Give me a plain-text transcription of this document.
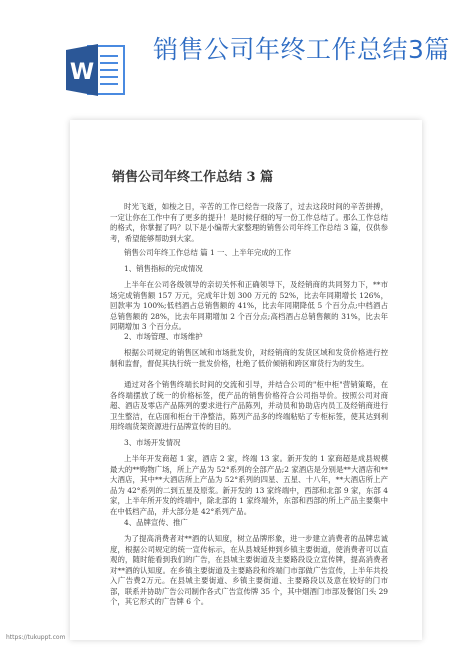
W
销售公司年终工作总结3篇
销售公司年终工作总结 3 篇

时光飞逝，如梭之日，辛苦的工作已经告一段落了，过去这段时间的辛苦拼搏，一定让你在工作中有了更多的提升！是时候仔细的写一份工作总结了。那么工作总结的格式，你掌握了吗？以下是小编帮大家整理的销售公司年终工作总结 3 篇，仅供参考，希望能够帮助到大家。

销售公司年终工作总结 篇 1 一、上半年完成的工作
1、销售指标的完成情况

上半年在公司各级领导的亲切关怀和正确领导下，及经销商的共同努力下，**市场完成销售额 157 万元，完成年计划 300 万元的 52%，比去年同期增长 126%，回款率为 100%;低档酒占总销售额的 41%，比去年同期降低 5 个百分点;中档酒占总销售额的 28%，比去年同期增加 2 个百分点;高档酒占总销售额的 31%，比去年同期增加 3 个百分点。

2、市场管理、市场维护

根据公司规定的销售区域和市场批发价，对经销商的发货区域和发货价格进行控制和监督，督促其执行统一批发价格，杜绝了低价倾销和跨区窜货行为的发生。

通过对各个销售终端长时间的交流和引导，并结合公司的"柜中柜"营销策略，在各终端摆放了统一的价格标签，使产品的销售价格符合公司指导价。按照公司对商超、酒店及零店产品陈列的要求进行产品陈列，并动员和协助店内员工及经销商进行卫生整洁，在店面和柜台干净整洁，陈列产品多的终端粘贴了专柜标签，使其达到利用终端货架资源进行品牌宣传的目的。

3、市场开发情况

上半年开发商超 1 家，酒店 2 家，终端 13 家。新开发的 1 家商超是成县规模最大的**购物广场，所上产品为 52°系列的全部产品;2 家酒店是分别是**大酒店和**大酒店，其中**大酒店所上产品为 52°系列的四星、五星、十八年，**大酒店所上产品为 42°系列的二到五星及原浆。新开发的 13 家终端中，西部和北部 9 家，东部 4 家，上半年所开发的终端中，除北部的 1 家终端外，东部和西部的所上产品主要集中在中低档产品，并大部分是 42°系列产品。

4、品牌宣传、推广

为了提高消费者对**酒的认知度，树立品牌形象，进一步建立消费者的品牌忠诚度，根据公司规定的统一宣传标示，在从县城延伸到乡镇主要街道，使消费者可以直观的，随时能看到我们的广告，在县城主要街道及主要路段设立宣传牌，提高消费者对**酒的认知度。在乡镇主要街道及主要路段和终端门市部做广告宣传，上半年共投入广告费2万元。在县城主要街道、乡镇主要街道、主要路段以及意在较好的门市部，联系并协助广告公司制作各式广告宣传牌 35 个，其中烟酒门市部及餐馆门头 29 个，其它形式的广告牌 6 个。

https://tukuppt.com
